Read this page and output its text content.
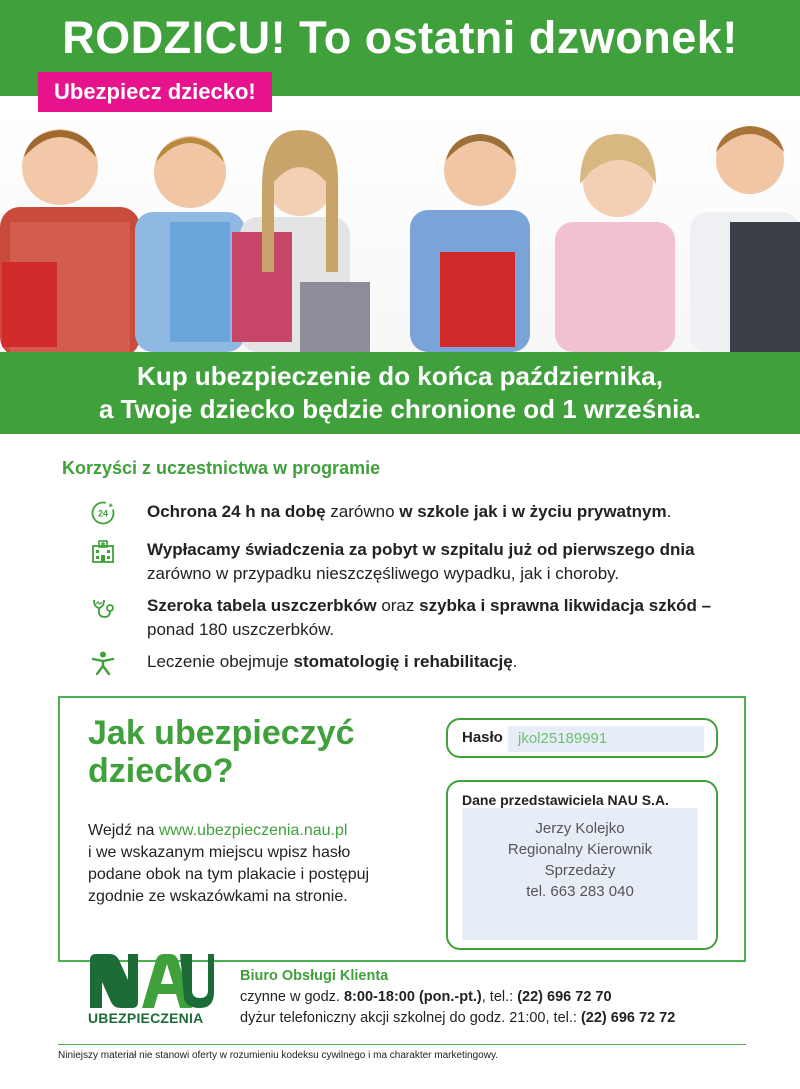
RODZICU! To ostatni dzwonek!
Ubezpiecz dziecko!
Kup ubezpieczenie do końca października,
a Twoje dziecko będzie chronione od 1 września.
Korzyści z uczestnictwa w programie
24 Ochrona 24 h na dobę zarówno w szkole jak i w życiu prywatnym.
Wypłacamy świadczenia za pobyt w szpitalu już od pierwszego dnia
zarówno w przypadku nieszczęśliwego wypadku, jak i choroby.
Szeroka tabela uszczerbków oraz szybka i sprawna likwidacja szkód –
ponad 180 uszczerbków.
Leczenie obejmuje stomatologię i rehabilitację.
Jak ubezpieczyć
dziecko?
Wejdź na www.ubezpieczenia.nau.pl
i we wskazanym miejscu wpisz hasło
podane obok na tym plakacie i postępuj
zgodnie ze wskazówkami na stronie.
Hasło	jkol25189991
Dane przedstawiciela NAU S.A.
Jerzy Kolejko
Regionalny Kierownik
Sprzedaży
tel. 663 283 040
UBEZPIECZENIA
Biuro Obsługi Klienta
czynne w godz. 8:00-18:00 (pon.-pt.), tel.: (22) 696 72 70
dyżur telefoniczny akcji szkolnej do godz. 21:00, tel.: (22) 696 72 72
Niniejszy materiał nie stanowi oferty w rozumieniu kodeksu cywilnego i ma charakter marketingowy.
